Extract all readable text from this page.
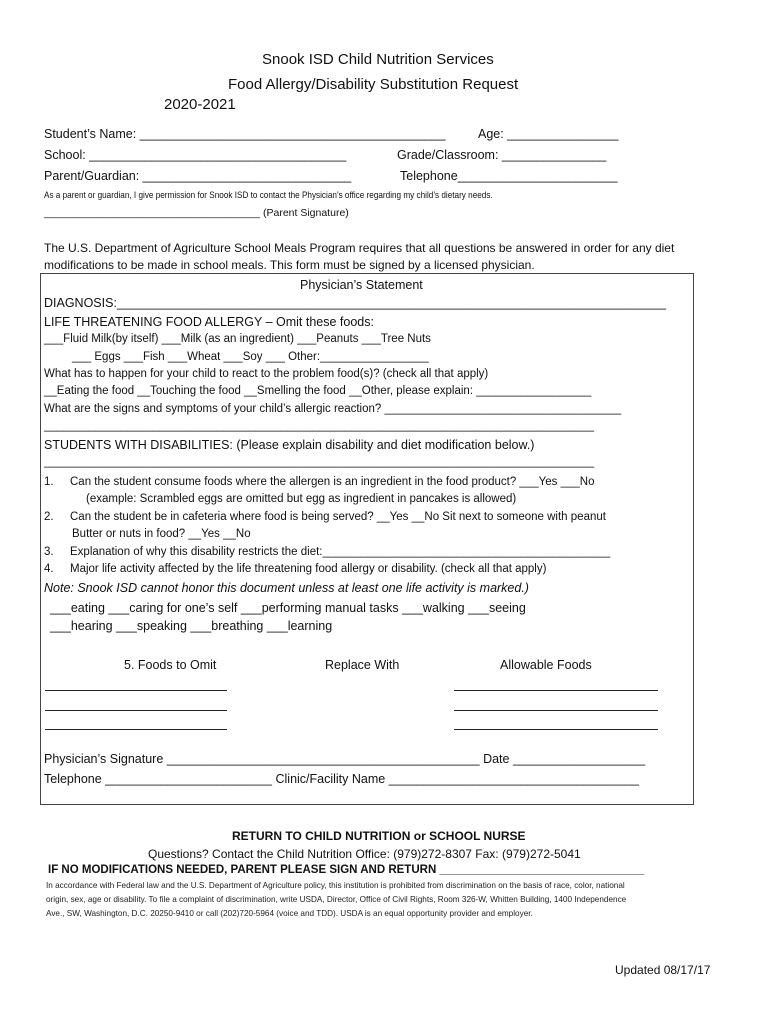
Snook ISD Child Nutrition Services
Food Allergy/Disability Substitution Request
2020-2021
Student’s Name: ____________________________________________	Age: ________________
School: _____________________________________	Grade/Classroom: _______________
Parent/Guardian: ______________________________	Telephone_______________________
As a parent or guardian, I give permission for Snook ISD to contact the Physician’s office regarding my child’s dietary needs.
_____________________________________ (Parent Signature)
The U.S. Department of Agriculture School Meals Program requires that all questions be answered in order for any diet
modifications to be made in school meals. This form must be signed by a licensed physician.
Physician’s Statement
DIAGNOSIS:_______________________________________________________________________________
LIFE THREATENING FOOD ALLERGY – Omit these foods:
___Fluid Milk(by itself) ___Milk (as an ingredient) ___Peanuts ___Tree Nuts
___ Eggs ___Fish ___Wheat ___Soy ___ Other:_________________
What has to happen for your child to react to the problem food(s)? (check all that apply)
__Eating the food __Touching the food __Smelling the food __Other, please explain: __________________
What are the signs and symptoms of your child’s allergic reaction? _____________________________________
______________________________________________________________________________________
STUDENTS WITH DISABILITIES: (Please explain disability and diet modification below.)
______________________________________________________________________________________
1. Can the student consume foods where the allergen is an ingredient in the food product? ___Yes ___No
(example: Scrambled eggs are omitted but egg as ingredient in pancakes is allowed)
2. Can the student be in cafeteria where food is being served? __Yes __No Sit next to someone with peanut
Butter or nuts in food? __Yes __No
3. Explanation of why this disability restricts the diet:_____________________________________________
4. Major life activity affected by the life threatening food allergy or disability. (check all that apply)
Note: Snook ISD cannot honor this document unless at least one life activity is marked.)
___eating ___caring for one’s self ___performing manual tasks ___walking ___seeing
___hearing ___speaking ___breathing ___learning
5. Foods to Omit	Replace With	Allowable Foods
Physician’s Signature _____________________________________________ Date ___________________
Telephone ________________________ Clinic/Facility Name ____________________________________
RETURN TO CHILD NUTRITION or SCHOOL NURSE
Questions? Contact the Child Nutrition Office: (979)272-8307 Fax: (979)272-5041
IF NO MODIFICATIONS NEEDED, PARENT PLEASE SIGN AND RETURN ________________________________
In accordance with Federal law and the U.S. Department of Agriculture policy, this institution is prohibited from discrimination on the basis of race, color, national
origin, sex, age or disability. To file a complaint of discrimination, write USDA, Director, Office of Civil Rights, Room 326-W, Whitten Building, 1400 Independence
Ave., SW, Washington, D.C. 20250-9410 or call (202)720-5964 (voice and TDD). USDA is an equal opportunity provider and employer.
Updated 08/17/17
